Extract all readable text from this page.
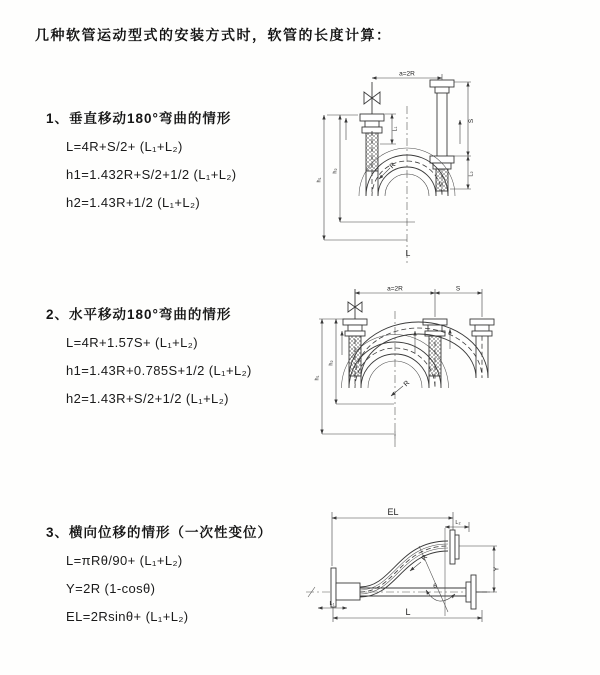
几种软管运动型式的安装方式时，软管的长度计算：
1、垂直移动180°弯曲的情形
L=4R+S/2+ (L₁+L₂)
h1=1.432R+S/2+1/2 (L₁+L₂)
h2=1.43R+1/2 (L₁+L₂)
2、水平移动180°弯曲的情形
L=4R+1.57S+ (L₁+L₂)
h1=1.43R+0.785S+1/2 (L₁+L₂)
h2=1.43R+S/2+1/2 (L₁+L₂)
3、横向位移的情形（一次性变位）
L=πRθ/90+ (L₁+L₂)
Y=2R (1-cosθ)
EL=2Rsinθ+ (L₁+L₂)
a=2R
S
L₂
L₁
h₂
h₁
R
L
a=2R	S
h₂
h₁
R
EL
L₂
Y
R
θ
L₁
L
